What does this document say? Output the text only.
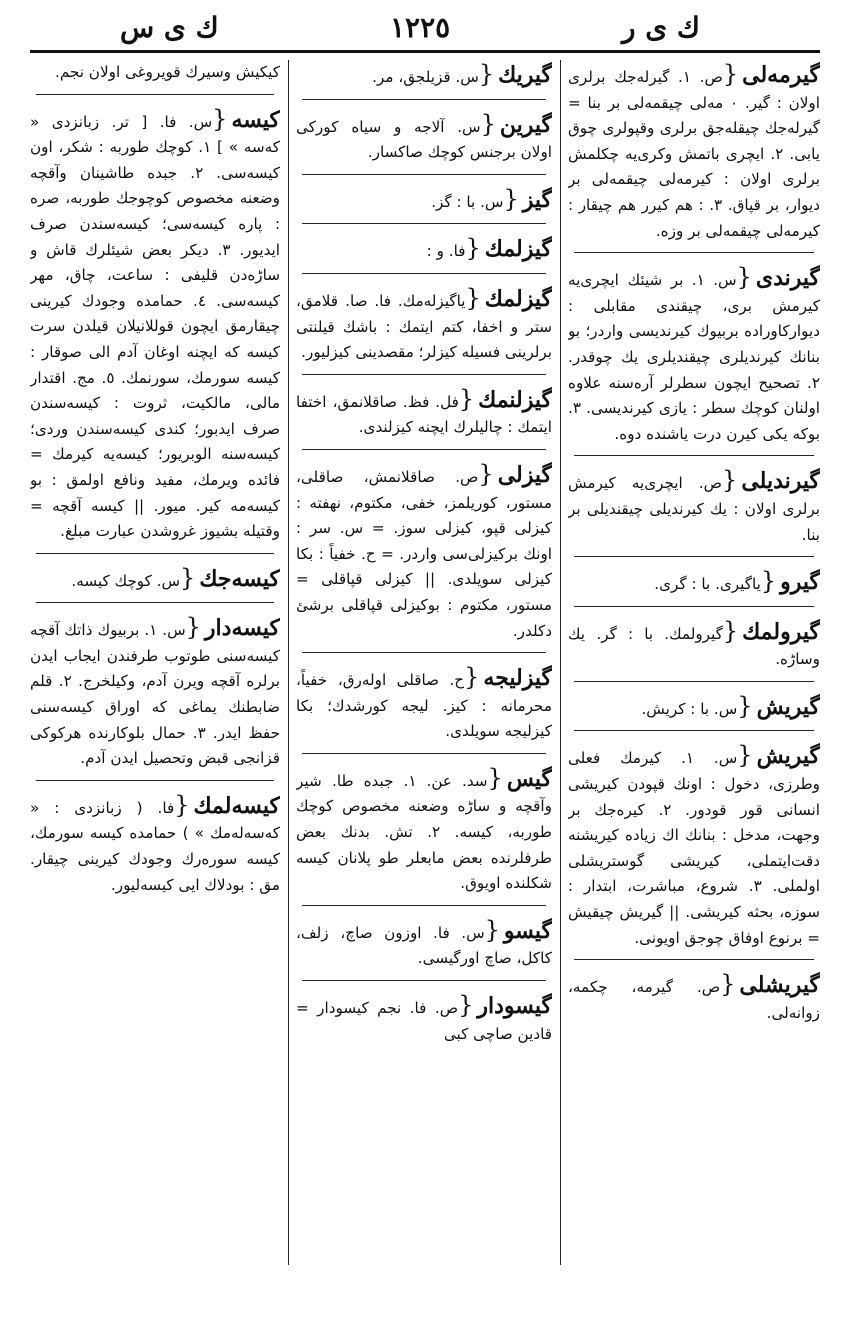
ك ى س	١٢٢٥	ك ى ر
گيرمه‌لى{ص. ١. گيرلەجك برلرى اولان : گير. ٠ مەلى چيقمەلى بر بنا = گيرلەجك چيقلەجق برلرى وقپولرى چوق يابى. ٢. ايچرى باتمش وكرى‌يه چكلمش برلرى اولان : كيرمەلى چيقمەلى بر ديوار، بر قپاق. ٣. : هم كيرر هم چيقار : كيرمەلى چيقمەلى بر وزه.
گيرندى{س. ١. بر شيئك ايچرى‌يه كيرمش برى، چيقندى مقابلى : ديواركاوراده بربيوك كيرنديسى واردر؛ بو بنانك كيرنديلرى چيقنديلرى يك چوقدر. ٢. تصحيح ايچون سطرلر آره‌سنه علاوه اولنان كوچك سطر : يازى كيرنديسى. ٣. بوكه يكى كيرن درت ياشنده دوه.
گيرنديلى{ص. ايچرى‌يه كيرمش برلرى اولان : يك كيرنديلى چيقنديلى بر بنا.
گيرو{ياگيرى. با : گرى.
گيرولمك{گيرولمك. با : گر. يك وساڑه.
گيريش{س. با : كريش.
گيريش{س. ١. كيرمك فعلى وطرزى، دخول : اونك قپودن كيريشى انسانى قور قودور. ٢. كيرەجك بر وجهت، مدخل : بنانك اك زيادە كيريشنه دقت‌ايتملى، كيريشى گوستريشلى اولملى. ٣. شروع، مباشرت، ابتدار : سوزه، بحثه كيريشى. || گيريش چيقيش = برنوع اوفاق چوجق اويونى.
گيريشلى{ص. گيرمه، چكمه، زوانه‌لى.
گيريك{س. قزيلجق، مر.
گيرين{س. آلاجه و سياه كوركى اولان برجنس كوچك صاكسار.
گيز{س. با : گز.
گيزلمك{فا. و :
گيزلمك{ياگيزلەمك. فا. صا. قلامق، ستر و اخفا، كتم ايتمك : باشك قيلنتى برلرينى فسيله كيزلر؛ مقصدينى كيزليور.
گيزلنمك{فل. فظ. صاقلانمق، اختفا ايتمك : چاليلرك ايچنه كيزلندى.
گيزلى{ص. صاقلانمش، صاقلى، مستور، كوريلمز، خفى، مكتوم، نهفته : كيزلى قپو، كيزلى سوز. = س. سر : اونك بركيزلى‌سى واردر. = ح. خفياً : بكا كيزلى سويلدى. || كيزلى قپاقلى = مستور، مكتوم : بوكيزلى قپاقلى برشئ دكلدر.
گيزليجه{ح. صاقلى اولەرق، خفياً، محرمانه : كيز. ليجه كورشدك؛ بكا كيزليجه سويلدى.
گيس{سد. عن. ١. جبده طا. شير وآقچه و ساڑه وضعنه مخصوص كوچك طوربه، كيسه. ٢. تش. بدنك بعض طرفلرنده بعض مابعلر طو پلانان كيسه شكلنده اويوق.
گيسو{س. فا. اوزون صاچ، زلف، كاكل، صاچ اورگيسى.
گيسودار{ص. فا. نجم كيسودار = قادين صاچى كبى
كيكيش وسيرك قويروغى اولان نجم.
كيسه{س. فا. [ تر. زبانزدى « كەسە » ] ١. كوچك طوربه : شكر، اون كيسه‌سى. ٢. جبده طاشينان وآقچه وضعنه مخصوص كوچوجك طوربه، صره : پاره كيسه‌سى؛ كيسه‌سندن صرف ايديور. ٣. ديكر بعض شيئلرك قاش و ساڑه‌دن قليفى : ساعت، چاق، مهر كيسه‌سى. ٤. حمامده وجودك كيرينى چيقارمق ايچون قوللانيلان قيلدن سرت كيسه كه ايچنه اوغان آدم الى صوقار : كيسه سورمك، سورنمك. ٥. مج. اقتدار مالى، مالكيت، ثروت : كيسه‌سندن صرف ايدبور؛ كندى كيسه‌سندن وردى؛ كيسه‌سنه الوبريور؛ كيسه‌يه كيرمك = فائده ويرمك، مفيد ونافع اولمق : بو كيسه‌مه كير. ميور. || كيسه آقچه = وقتيله بشيوز غروشدن عبارت مبلغ.
كيسه‌جك{س. كوچك كيسه.
كيسه‌دار{س. ١. بربيوك ذاتك آقچه كيسه‌سنى طوتوب طرفندن ايجاب ايدن برلره آقچه ويرن آدم، وكيلخرج. ٢. قلم ضابطنك يماغى كه اوراق كيسه‌سنى حفظ ايدر. ٣. حمال بلوكارنده هركوكى قزانجى قبض وتحصيل ايدن آدم.
كيسه‌لمك{فا. ( زبانزدى : « كەسەلەمك » ) حمامده كيسه سورمك، كيسه سوره‌رك وجودك كيرينى چيقار. مق : بودلاك ايى كيسه‌ليور.
